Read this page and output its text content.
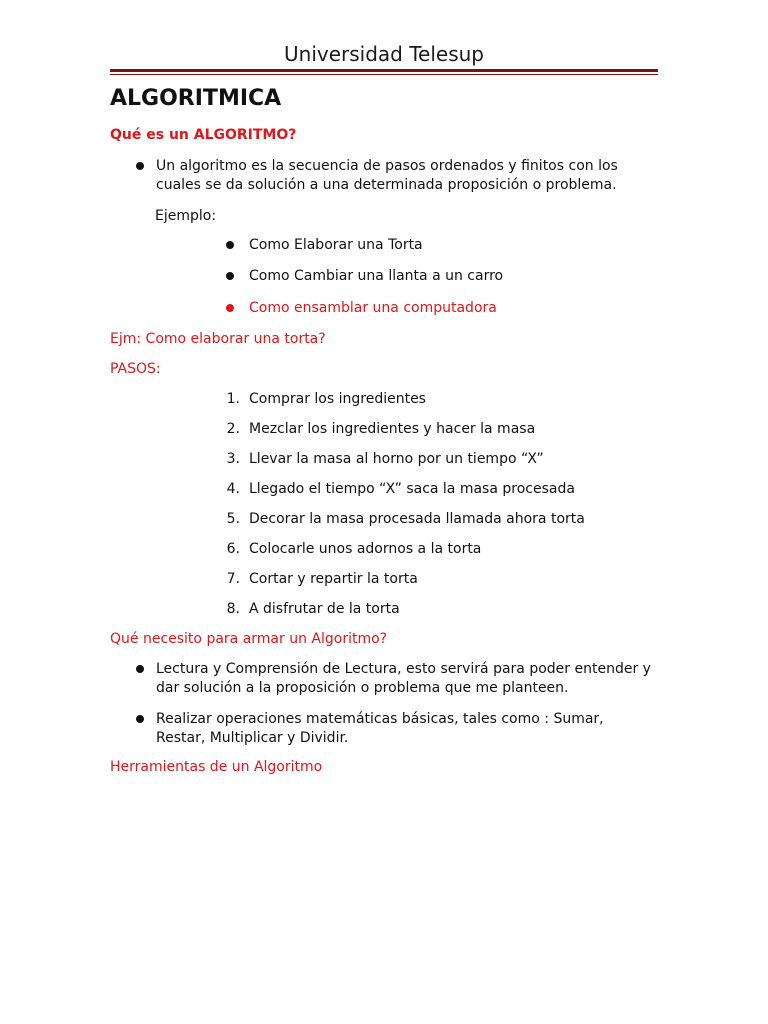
Universidad Telesup
ALGORITMICA
Qué es un ALGORITMO?
Un algoritmo es la secuencia de pasos ordenados y finitos con los
cuales se da solución a una determinada proposición o problema.
Ejemplo:
Como Elaborar una Torta
Como Cambiar una llanta a un carro
Como ensamblar una computadora
Ejm: Como elaborar una torta?
PASOS:
1. Comprar los ingredientes
2. Mezclar los ingredientes y hacer la masa
3. Llevar la masa al horno por un tiempo “X”
4. Llegado el tiempo “X” saca la masa procesada
5. Decorar la masa procesada llamada ahora torta
6. Colocarle unos adornos a la torta
7. Cortar y repartir la torta
8. A disfrutar de la torta
Qué necesito para armar un Algoritmo?
Lectura y Comprensión de Lectura, esto servirá para poder entender y
dar solución a la proposición o problema que me planteen.
Realizar operaciones matemáticas básicas, tales como : Sumar,
Restar, Multiplicar y Dividir.
Herramientas de un Algoritmo
